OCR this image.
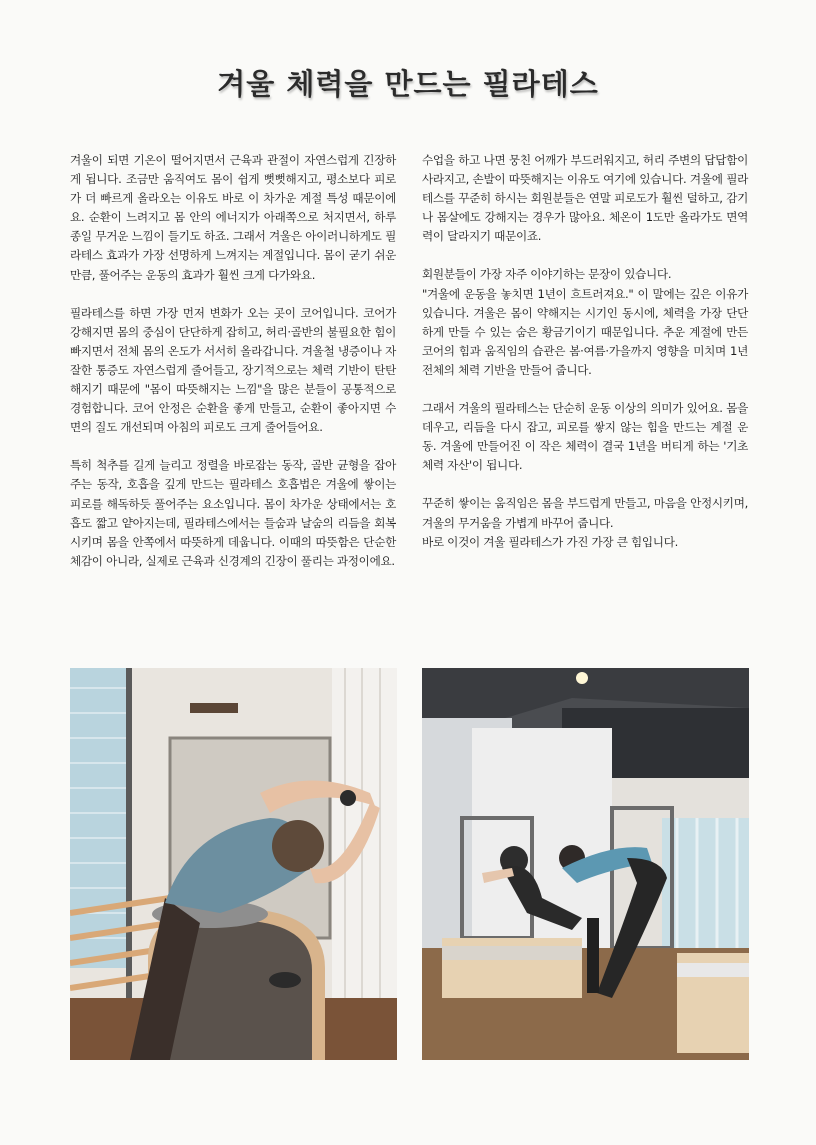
겨울 체력을 만드는 필라테스

겨울이 되면 기온이 떨어지면서 근육과 관절이 자연스럽게 긴장하게 됩니다. 조금만 움직여도 몸이 쉽게 뻣뻣해지고, 평소보다 피로가 더 빠르게 올라오는 이유도 바로 이 차가운 계절 특성 때문이에요. 순환이 느려지고 몸 안의 에너지가 아래쪽으로 처지면서, 하루 종일 무거운 느낌이 들기도 하죠. 그래서 겨울은 아이러니하게도 필라테스 효과가 가장 선명하게 느껴지는 계절입니다. 몸이 굳기 쉬운 만큼, 풀어주는 운동의 효과가 훨씬 크게 다가와요.

필라테스를 하면 가장 먼저 변화가 오는 곳이 코어입니다. 코어가 강해지면 몸의 중심이 단단하게 잡히고, 허리·골반의 불필요한 힘이 빠지면서 전체 몸의 온도가 서서히 올라갑니다. 겨울철 냉증이나 자잘한 통증도 자연스럽게 줄어들고, 장기적으로는 체력 기반이 탄탄해지기 때문에 "몸이 따뜻해지는 느낌"을 많은 분들이 공통적으로 경험합니다. 코어 안정은 순환을 좋게 만들고, 순환이 좋아지면 수면의 질도 개선되며 아침의 피로도 크게 줄어들어요.

특히 척추를 길게 늘리고 정렬을 바로잡는 동작, 골반 균형을 잡아주는 동작, 호흡을 깊게 만드는 필라테스 호흡법은 겨울에 쌓이는 피로를 해독하듯 풀어주는 요소입니다. 몸이 차가운 상태에서는 호흡도 짧고 얕아지는데, 필라테스에서는 들숨과 날숨의 리듬을 회복시키며 몸을 안쪽에서 따뜻하게 데웁니다. 이때의 따뜻함은 단순한 체감이 아니라, 실제로 근육과 신경계의 긴장이 풀리는 과정이에요.

수업을 하고 나면 뭉친 어깨가 부드러워지고, 허리 주변의 답답함이 사라지고, 손발이 따뜻해지는 이유도 여기에 있습니다. 겨울에 필라테스를 꾸준히 하시는 회원분들은 연말 피로도가 훨씬 덜하고, 감기나 몸살에도 강해지는 경우가 많아요. 체온이 1도만 올라가도 면역력이 달라지기 때문이죠.

회원분들이 가장 자주 이야기하는 문장이 있습니다.
"겨울에 운동을 놓치면 1년이 흐트러져요." 이 말에는 깊은 이유가 있습니다. 겨울은 몸이 약해지는 시기인 동시에, 체력을 가장 단단하게 만들 수 있는 숨은 황금기이기 때문입니다. 추운 계절에 만든 코어의 힘과 움직임의 습관은 봄·여름·가을까지 영향을 미치며 1년 전체의 체력 기반을 만들어 줍니다.

그래서 겨울의 필라테스는 단순히 운동 이상의 의미가 있어요. 몸을 데우고, 리듬을 다시 잡고, 피로를 쌓지 않는 힘을 만드는 계절 운동. 겨울에 만들어진 이 작은 체력이 결국 1년을 버티게 하는 '기초 체력 자산'이 됩니다.

꾸준히 쌓이는 움직임은 몸을 부드럽게 만들고, 마음을 안정시키며, 겨울의 무거움을 가볍게 바꾸어 줍니다.
바로 이것이 겨울 필라테스가 가진 가장 큰 힘입니다.
